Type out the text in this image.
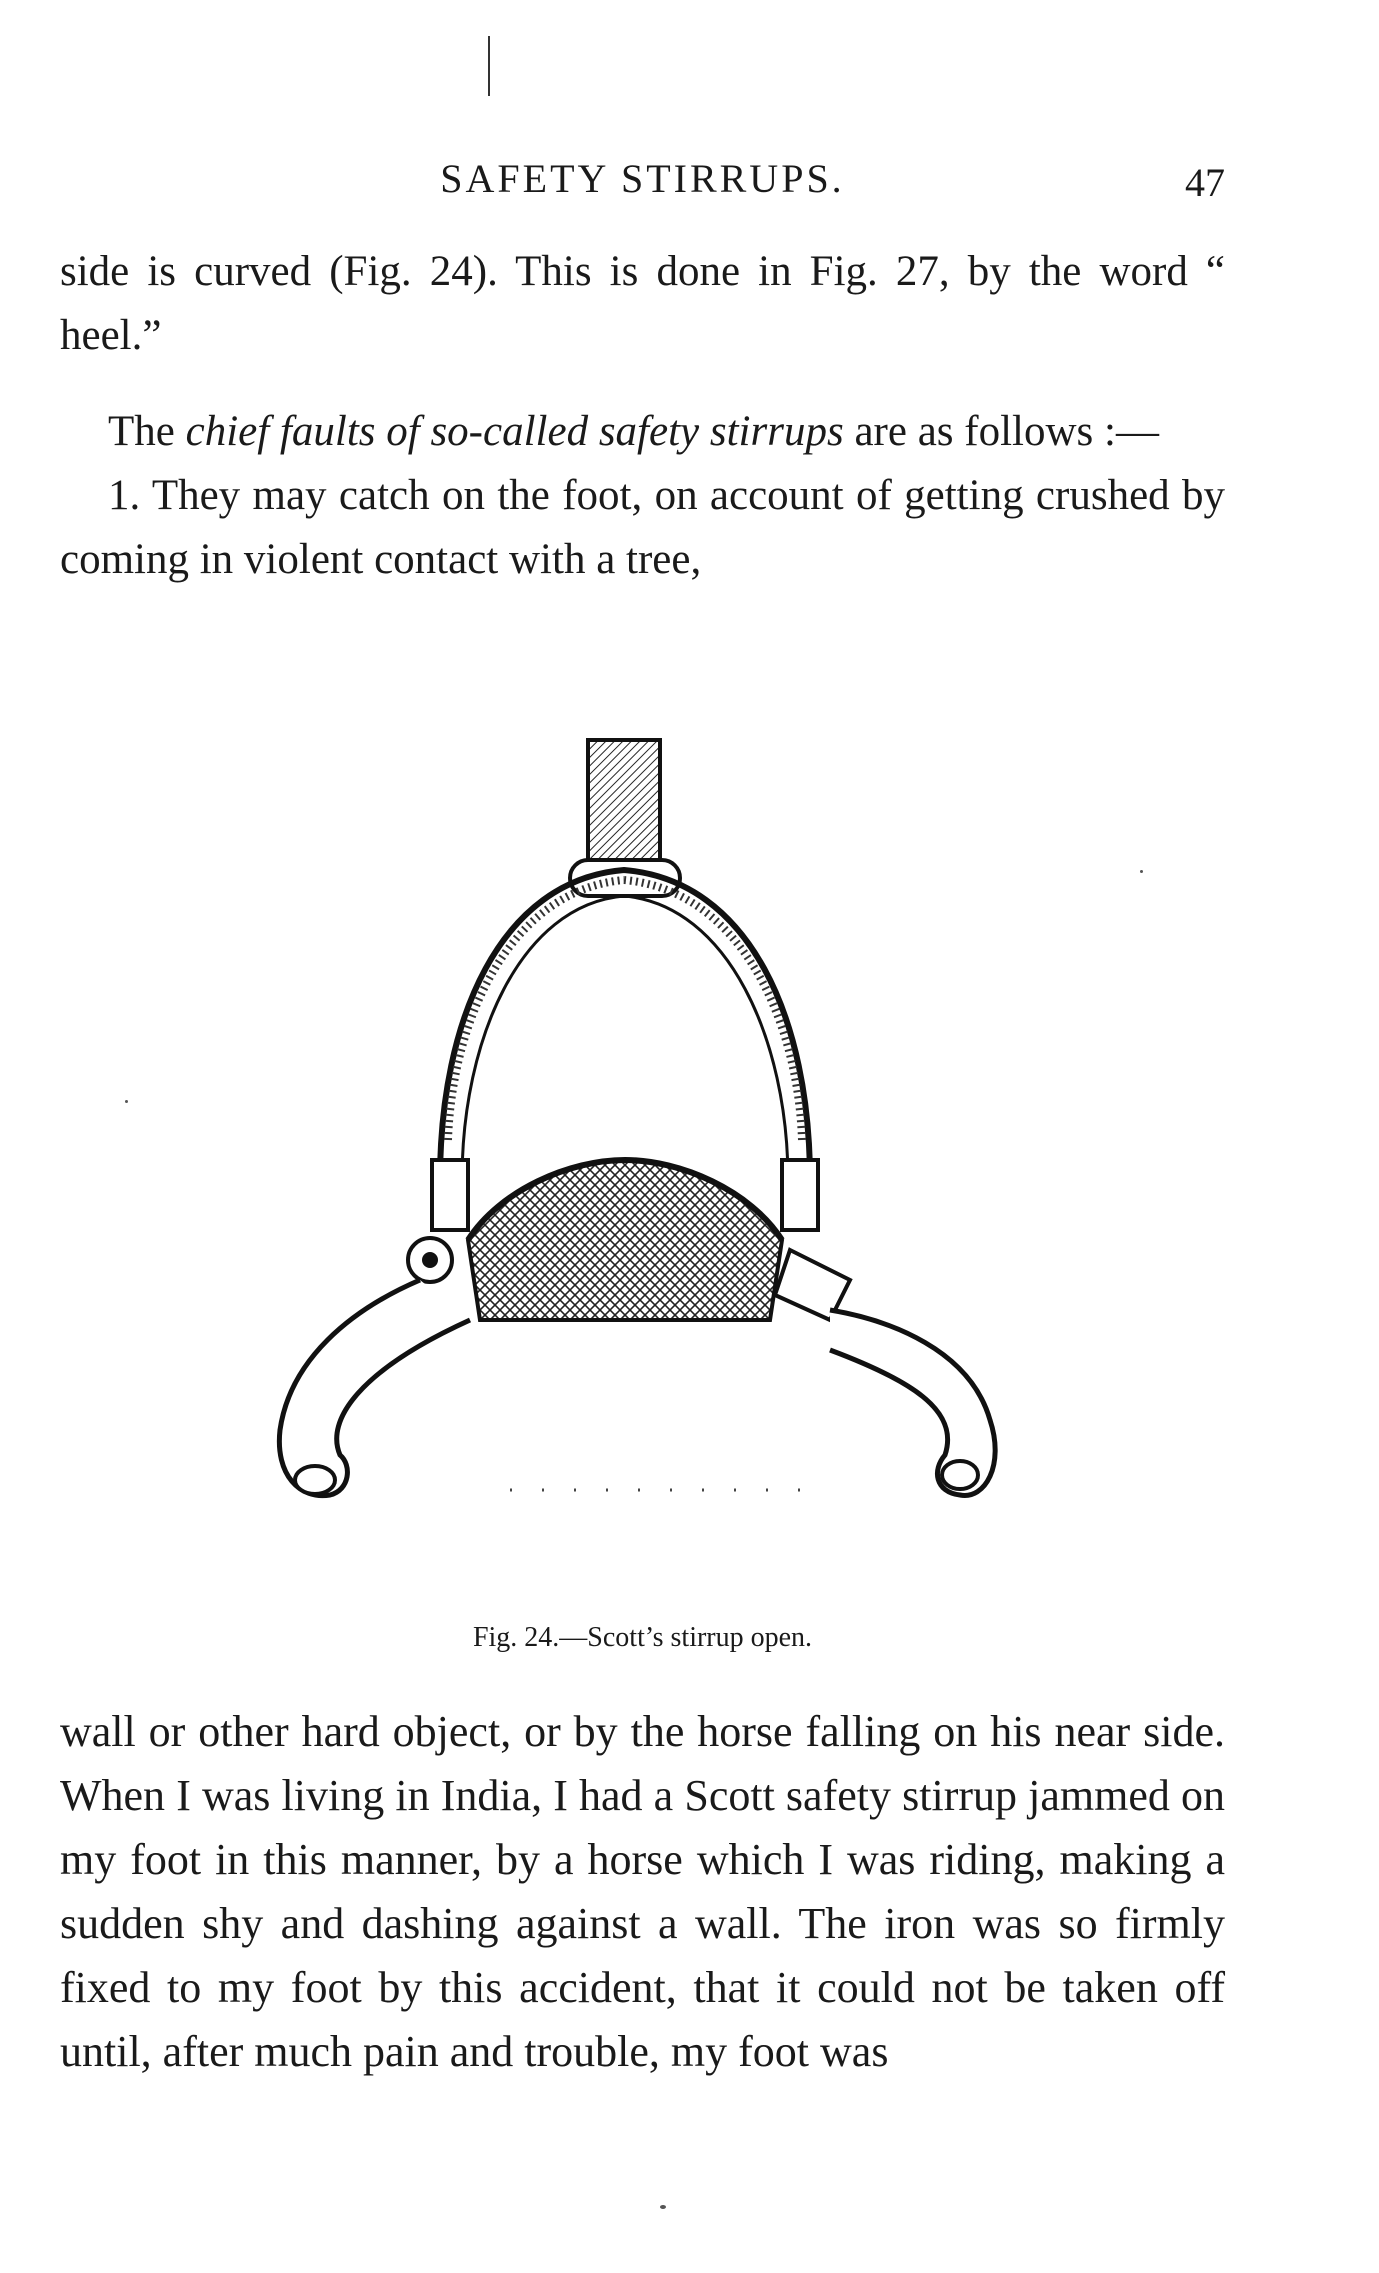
SAFETY STIRRUPS.	47
side is curved (Fig. 24). This is done in Fig. 27, by the word “ heel.”
The chief faults of so-called safety stirrups are as follows :—
1. They may catch on the foot, on account of getting crushed by coming in violent contact with a tree,
Fig. 24.—Scott’s stirrup open.
wall or other hard object, or by the horse falling on his near side. When I was living in India, I had a Scott safety stirrup jammed on my foot in this manner, by a horse which I was riding, making a sudden shy and dashing against a wall. The iron was so firmly fixed to my foot by this accident, that it could not be taken off until, after much pain and trouble, my foot was
